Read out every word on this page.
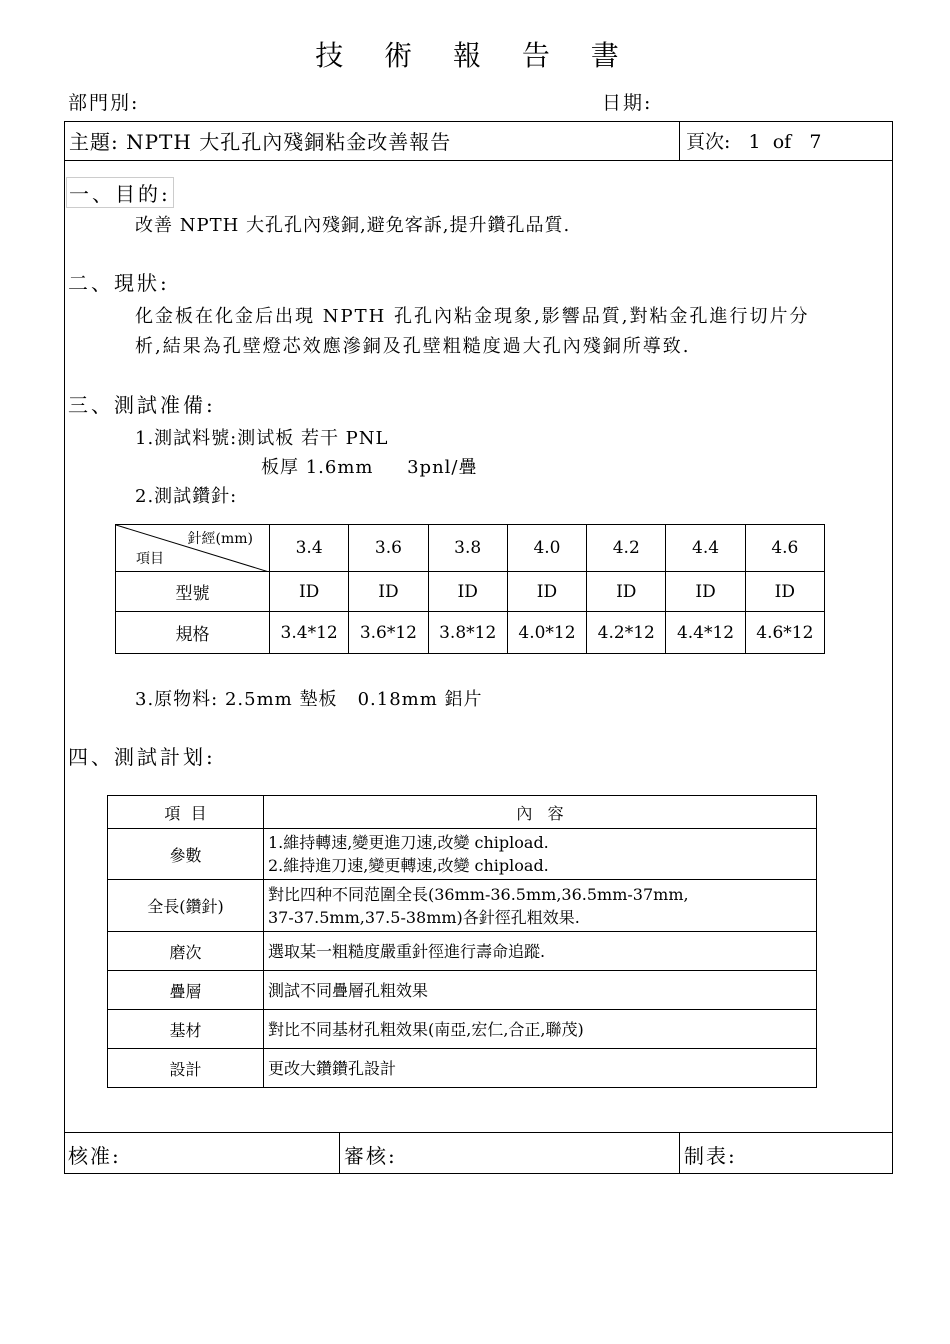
技 術 報 告 書
部門別:	日期:
主題: NPTH 大孔孔內殘銅粘金改善報告	頁次: 1 of 7
一、目的:
改善 NPTH 大孔孔內殘銅,避免客訴,提升鑽孔品質.
二、現狀:
化金板在化金后出現 NPTH 孔孔內粘金現象,影響品質,對粘金孔進行切片分
析,結果為孔壁燈芯效應滲銅及孔壁粗糙度過大孔內殘銅所導致.
三、測試准備:
1.測試料號:測试板 若干 PNL
板厚 1.6mm     3pnl/疊
2.測試鑽針:
針經(mm)
項目	3.4	3.6	3.8	4.0	4.2	4.4	4.6
型號	ID	ID	ID	ID	ID	ID	ID
規格	3.4*12	3.6*12	3.8*12	4.0*12	4.2*12	4.4*12	4.6*12
3.原物料: 2.5mm 墊板   0.18mm 鋁片
四、測試計划:
項  目	內   容
參數	1.維持轉速,變更進刀速,改變 chipload.
2.維持進刀速,變更轉速,改變 chipload.

全長(鑽針)	對比四种不同范圍全長(36mm-36.5mm,36.5mm-37mm,
37-37.5mm,37.5-38mm)各針徑孔粗效果.

磨次	選取某一粗糙度嚴重針徑進行壽命追蹤.
疊層	測試不同疊層孔粗效果
基材	對比不同基材孔粗效果(南亞,宏仁,合正,聯茂)
設計	更改大鑽鑽孔設計
核准:	審核:	制表:
